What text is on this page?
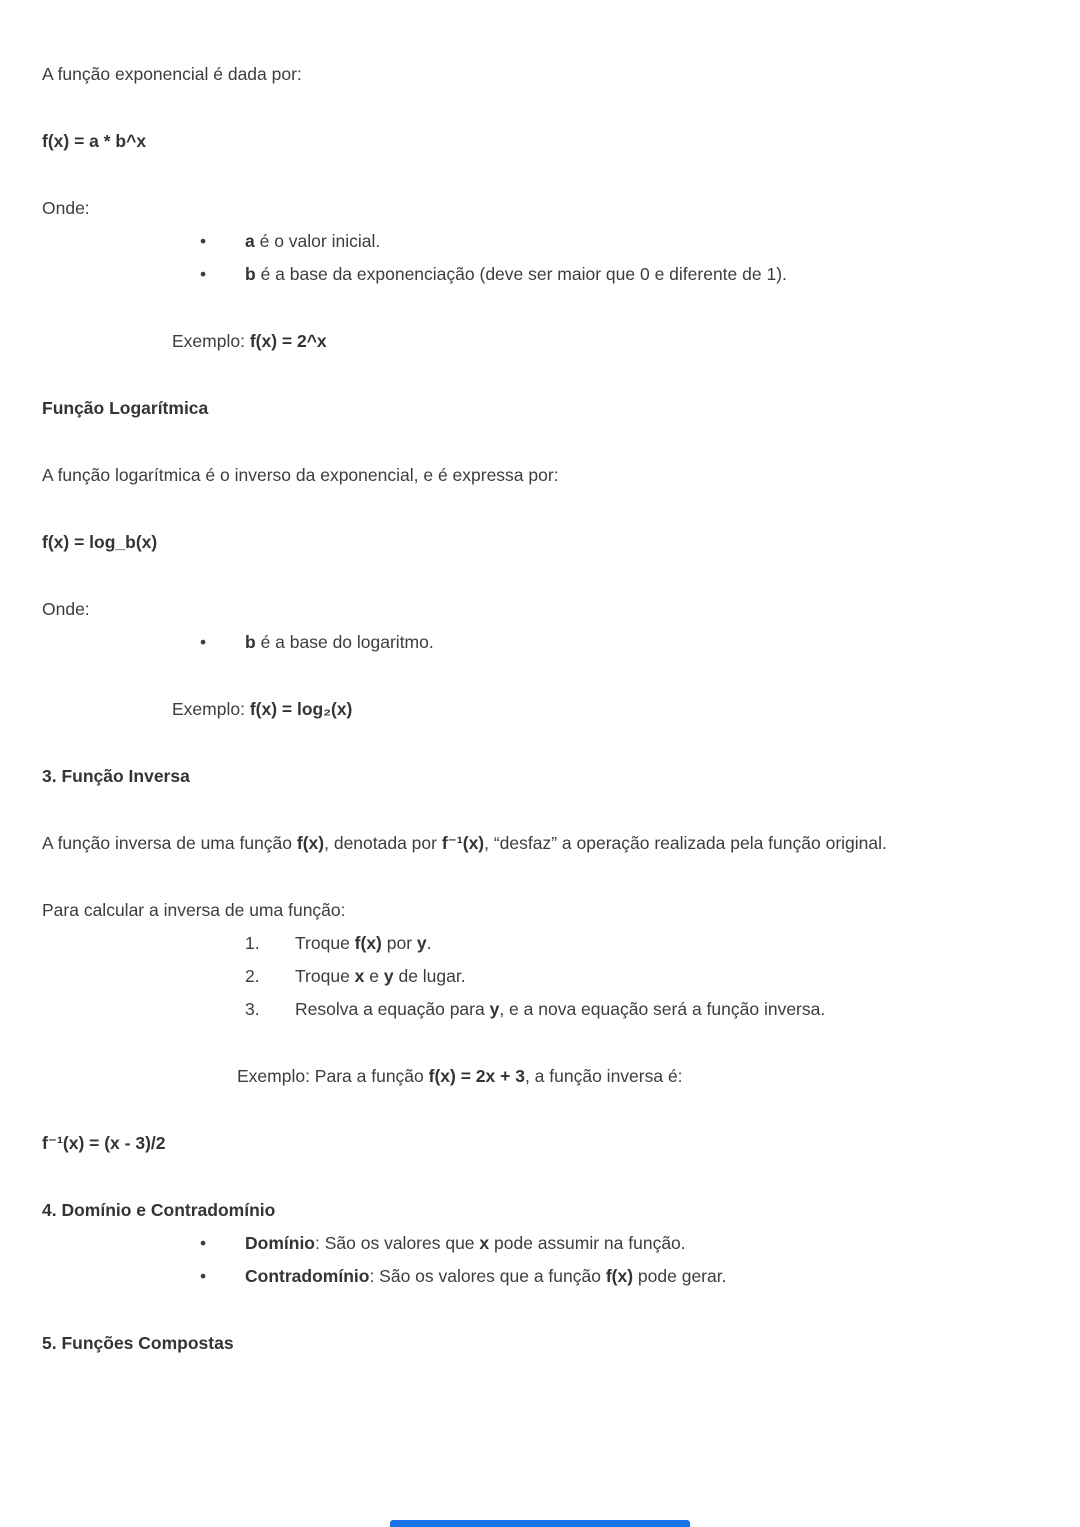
A função exponencial é dada por:

f(x) = a * b^x

Onde:

•	a é o valor inicial.
•	b é a base da exponenciação (deve ser maior que 0 e diferente de 1).

Exemplo: f(x) = 2^x

Função Logarítmica

A função logarítmica é o inverso da exponencial, e é expressa por:

f(x) = log_b(x)

Onde:

•	b é a base do logaritmo.

Exemplo: f(x) = log₂(x)

3. Função Inversa

A função inversa de uma função f(x), denotada por f⁻¹(x), “desfaz” a operação realizada pela função original.

Para calcular a inversa de uma função:

1.	Troque f(x) por y.
2.	Troque x e y de lugar.
3.	Resolva a equação para y, e a nova equação será a função inversa.

Exemplo: Para a função f(x) = 2x + 3, a função inversa é:

f⁻¹(x) = (x - 3)/2

4. Domínio e Contradomínio
•	Domínio: São os valores que x pode assumir na função.
•	Contradomínio: São os valores que a função f(x) pode gerar.
5. Funções Compostas
